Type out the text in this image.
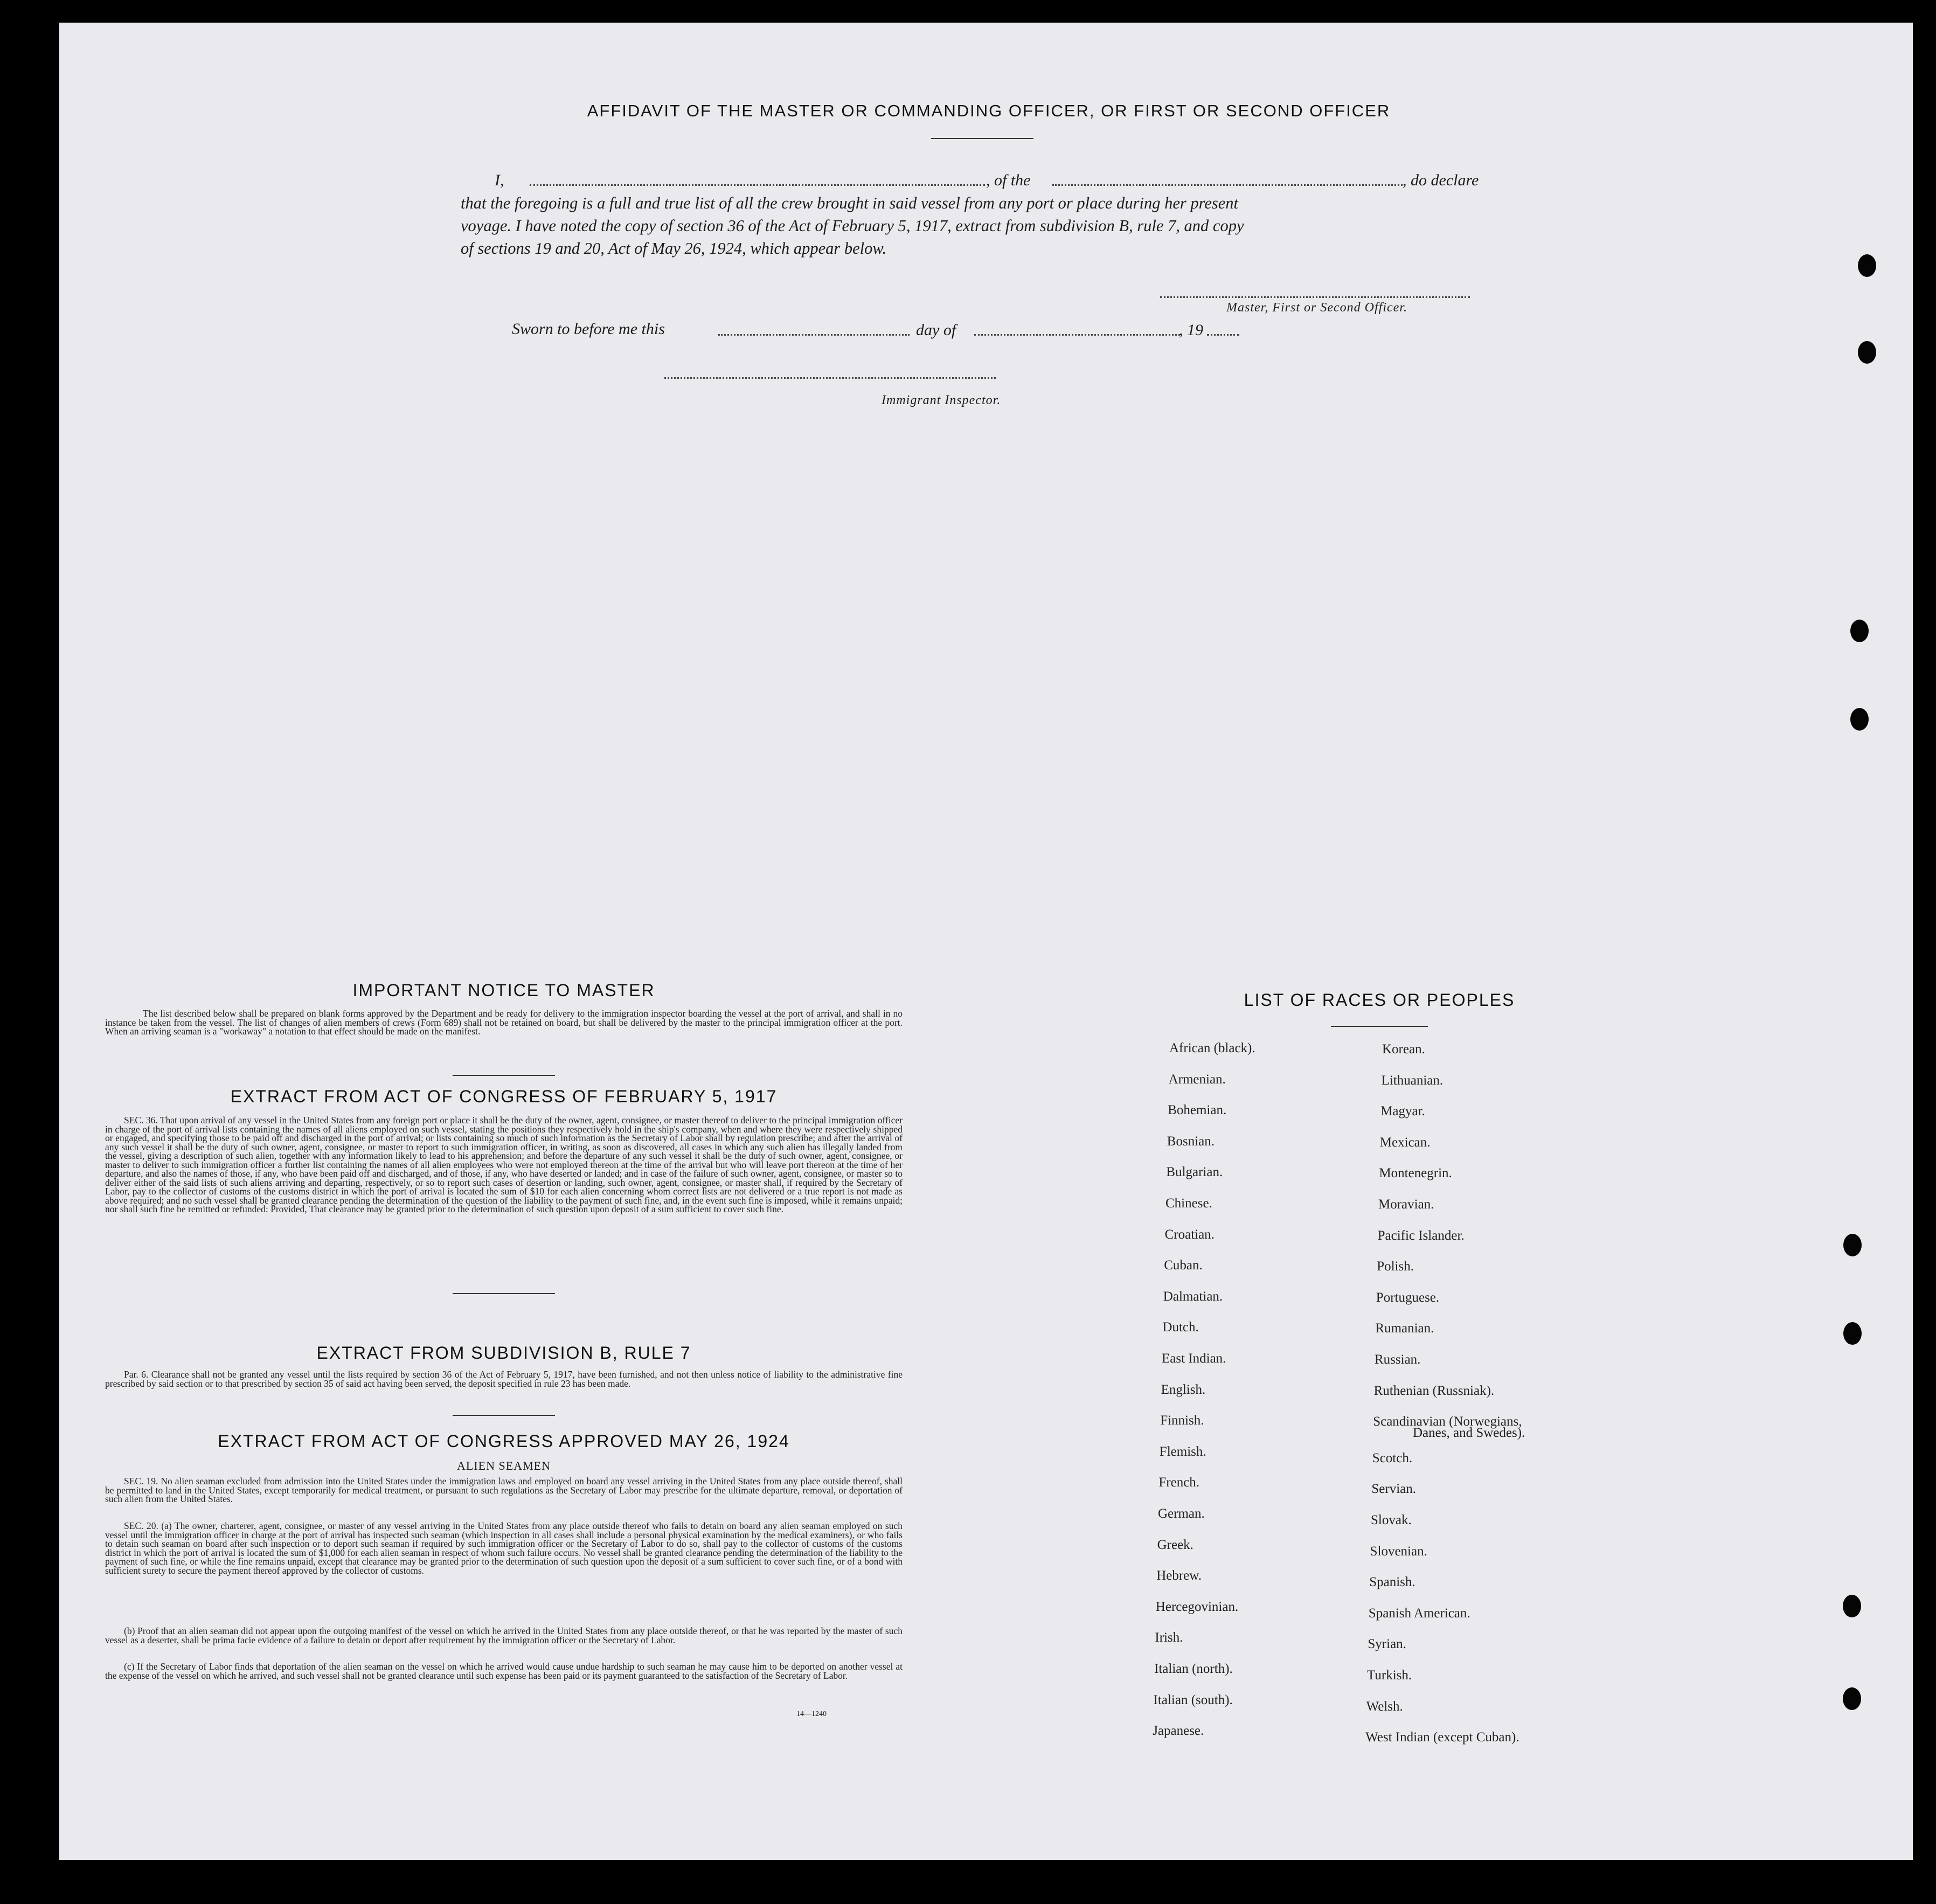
AFFIDAVIT OF THE MASTER OR COMMANDING OFFICER, OR FIRST OR SECOND OFFICER
I,	, of the	, do declare
that the foregoing is a full and true list of all the crew brought in said vessel from any port or place during her present
voyage. I have noted the copy of section 36 of the Act of February 5, 1917, extract from subdivision B, rule 7, and copy
of sections 19 and 20, Act of May 26, 1924, which appear below.
Master, First or Second Officer.
Sworn to before me this	day of	, 19
Immigrant Inspector.
IMPORTANT NOTICE TO MASTER
The list described below shall be prepared on blank forms approved by the Department and be ready for delivery to the immigration inspector boarding the vessel at the port of arrival, and shall in no instance be taken from the vessel. The list of changes of alien members of crews (Form 689) shall not be retained on board, but shall be delivered by the master to the principal immigration officer at the port. When an arriving seaman is a "workaway" a notation to that effect should be made on the manifest.
EXTRACT FROM ACT OF CONGRESS OF FEBRUARY 5, 1917
SEC. 36. That upon arrival of any vessel in the United States from any foreign port or place it shall be the duty of the owner, agent, consignee, or master thereof to deliver to the principal immigration officer in charge of the port of arrival lists containing the names of all aliens employed on such vessel, stating the positions they respectively hold in the ship's company, when and where they were respectively shipped or engaged, and specifying those to be paid off and discharged in the port of arrival; or lists containing so much of such information as the Secretary of Labor shall by regulation prescribe; and after the arrival of any such vessel it shall be the duty of such owner, agent, consignee, or master to report to such immigration officer, in writing, as soon as discovered, all cases in which any such alien has illegally landed from the vessel, giving a description of such alien, together with any information likely to lead to his apprehension; and before the departure of any such vessel it shall be the duty of such owner, agent, consignee, or master to deliver to such immigration officer a further list containing the names of all alien employees who were not employed thereon at the time of the arrival but who will leave port thereon at the time of her departure, and also the names of those, if any, who have been paid off and discharged, and of those, if any, who have deserted or landed; and in case of the failure of such owner, agent, consignee, or master so to deliver either of the said lists of such aliens arriving and departing, respectively, or so to report such cases of desertion or landing, such owner, agent, consignee, or master shall, if required by the Secretary of Labor, pay to the collector of customs of the customs district in which the port of arrival is located the sum of $10 for each alien concerning whom correct lists are not delivered or a true report is not made as above required; and no such vessel shall be granted clearance pending the determination of the question of the liability to the payment of such fine, and, in the event such fine is imposed, while it remains unpaid; nor shall such fine be remitted or refunded: Provided, That clearance may be granted prior to the determination of such question upon deposit of a sum sufficient to cover such fine.
EXTRACT FROM SUBDIVISION B, RULE 7
Par. 6. Clearance shall not be granted any vessel until the lists required by section 36 of the Act of February 5, 1917, have been furnished, and not then unless notice of liability to the administrative fine prescribed by said section or to that prescribed by section 35 of said act having been served, the deposit specified in rule 23 has been made.
EXTRACT FROM ACT OF CONGRESS APPROVED MAY 26, 1924
ALIEN SEAMEN
SEC. 19. No alien seaman excluded from admission into the United States under the immigration laws and employed on board any vessel arriving in the United States from any place outside thereof, shall be permitted to land in the United States, except temporarily for medical treatment, or pursuant to such regulations as the Secretary of Labor may prescribe for the ultimate departure, removal, or deportation of such alien from the United States.
SEC. 20. (a) The owner, charterer, agent, consignee, or master of any vessel arriving in the United States from any place outside thereof who fails to detain on board any alien seaman employed on such vessel until the immigration officer in charge at the port of arrival has inspected such seaman (which inspection in all cases shall include a personal physical examination by the medical examiners), or who fails to detain such seaman on board after such inspection or to deport such seaman if required by such immigration officer or the Secretary of Labor to do so, shall pay to the collector of customs of the customs district in which the port of arrival is located the sum of $1,000 for each alien seaman in respect of whom such failure occurs. No vessel shall be granted clearance pending the determination of the liability to the payment of such fine, or while the fine remains unpaid, except that clearance may be granted prior to the determination of such question upon the deposit of a sum sufficient to cover such fine, or of a bond with sufficient surety to secure the payment thereof approved by the collector of customs.
(b) Proof that an alien seaman did not appear upon the outgoing manifest of the vessel on which he arrived in the United States from any place outside thereof, or that he was reported by the master of such vessel as a deserter, shall be prima facie evidence of a failure to detain or deport after requirement by the immigration officer or the Secretary of Labor.
(c) If the Secretary of Labor finds that deportation of the alien seaman on the vessel on which he arrived would cause undue hardship to such seaman he may cause him to be deported on another vessel at the expense of the vessel on which he arrived, and such vessel shall not be granted clearance until such expense has been paid or its payment guaranteed to the satisfaction of the Secretary of Labor.
14—1240
LIST OF RACES OR PEOPLES
Danes, and Swedes).
African (black).
Armenian.
Bohemian.
Bosnian.
Bulgarian.
Chinese.
Croatian.
Cuban.
Dalmatian.
Dutch.
East Indian.
English.
Finnish.
Flemish.
French.
German.
Greek.
Hebrew.
Hercegovinian.
Irish.
Italian (north).
Italian (south).
Japanese.
Korean.
Lithuanian.
Magyar.
Mexican.
Montenegrin.
Moravian.
Pacific Islander.
Polish.
Portuguese.
Rumanian.
Russian.
Ruthenian (Russniak).
Scandinavian (Norwegians,
Scotch.
Servian.
Slovak.
Slovenian.
Spanish.
Spanish American.
Syrian.
Turkish.
Welsh.
West Indian (except Cuban).
